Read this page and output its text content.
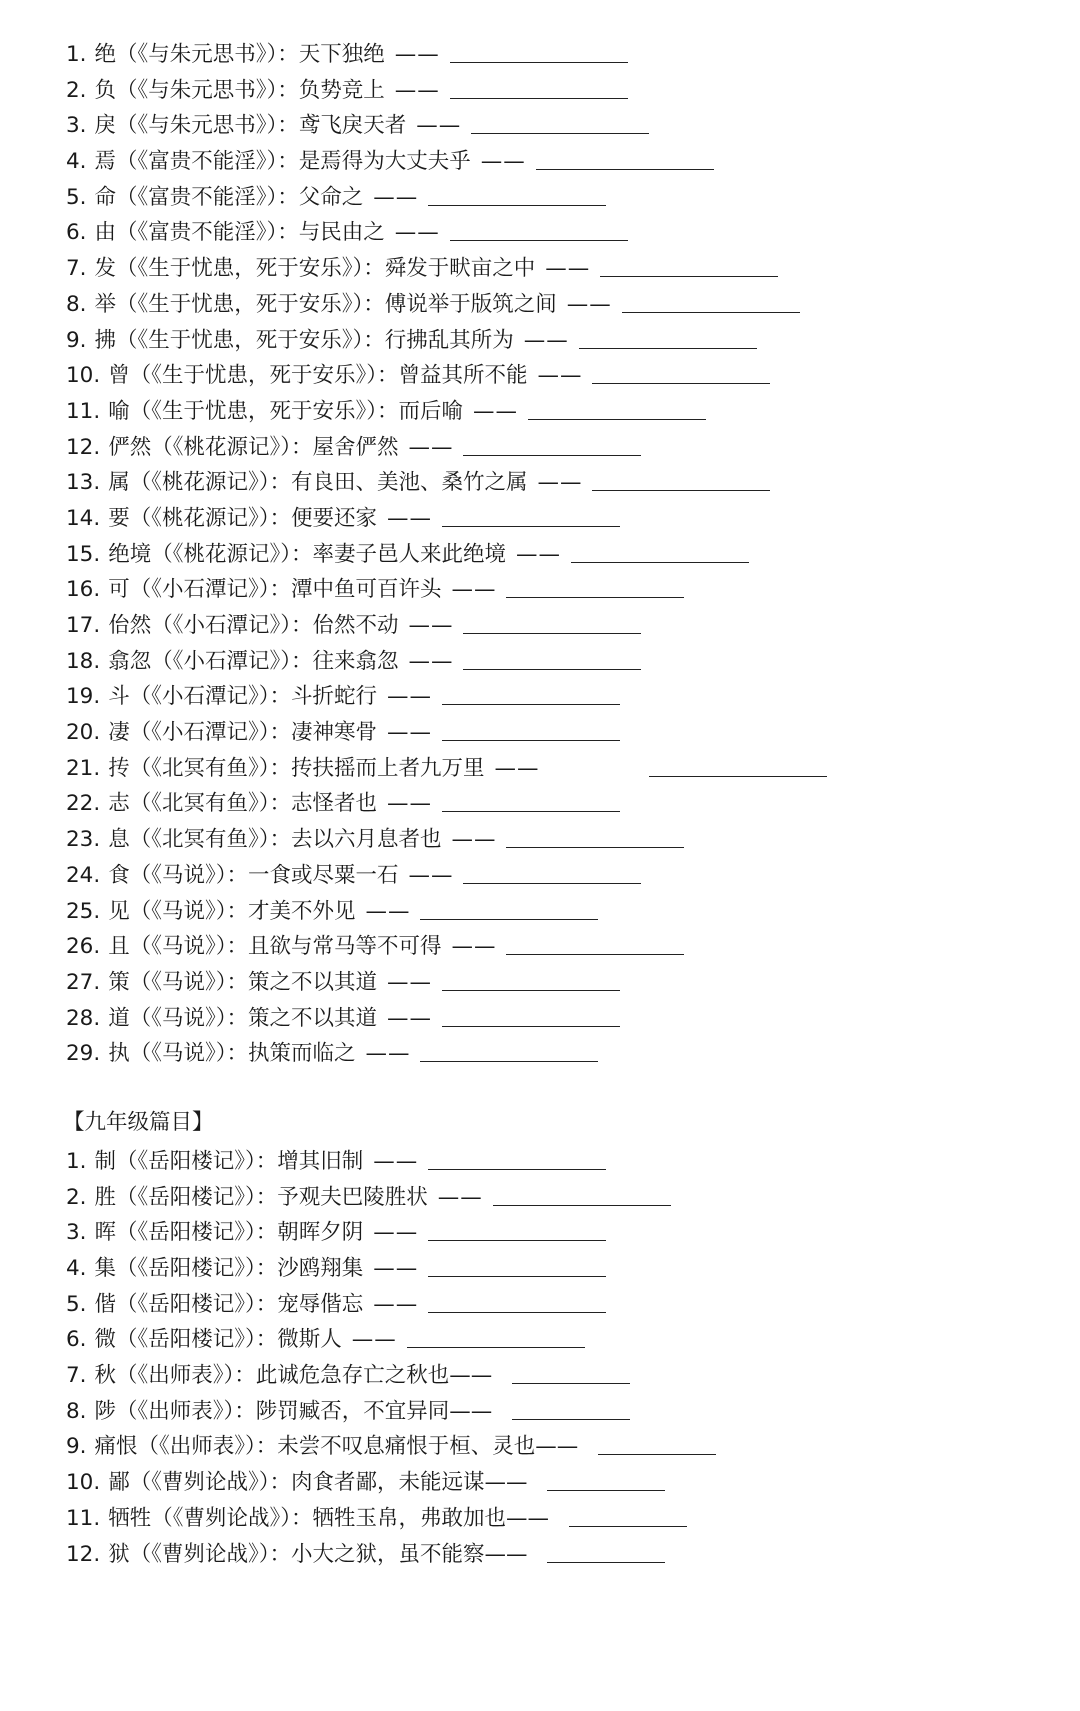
1. 绝（《与朱元思书》）：天下独绝 ——
2. 负（《与朱元思书》）：负势竞上 ——
3. 戾（《与朱元思书》）：鸢飞戾天者 ——
4. 焉（《富贵不能淫》）：是焉得为大丈夫乎 ——
5. 命（《富贵不能淫》）：父命之 ——
6. 由（《富贵不能淫》）：与民由之 ——
7. 发（《生于忧患，死于安乐》）：舜发于畎亩之中 ——
8. 举（《生于忧患，死于安乐》）：傅说举于版筑之间 ——
9. 拂（《生于忧患，死于安乐》）：行拂乱其所为 ——
10. 曾（《生于忧患，死于安乐》）：曾益其所不能 ——
11. 喻（《生于忧患，死于安乐》）：而后喻 ——
12. 俨然（《桃花源记》）：屋舍俨然 ——
13. 属（《桃花源记》）：有良田、美池、桑竹之属 ——
14. 要（《桃花源记》）：便要还家 ——
15. 绝境（《桃花源记》）：率妻子邑人来此绝境 ——
16. 可（《小石潭记》）：潭中鱼可百许头 ——
17. 佁然（《小石潭记》）：佁然不动 ——
18. 翕忽（《小石潭记》）：往来翕忽 ——
19. 斗（《小石潭记》）：斗折蛇行 ——
20. 凄（《小石潭记》）：凄神寒骨 ——
21. 抟（《北冥有鱼》）：抟扶摇而上者九万里 ——
22. 志（《北冥有鱼》）：志怪者也 ——
23. 息（《北冥有鱼》）：去以六月息者也 ——
24. 食（《马说》）：一食或尽粟一石 ——
25. 见（《马说》）：才美不外见 ——
26. 且（《马说》）：且欲与常马等不可得 ——
27. 策（《马说》）：策之不以其道 ——
28. 道（《马说》）：策之不以其道 ——
29. 执（《马说》）：执策而临之 ——
【九年级篇目】
1. 制（《岳阳楼记》）：增其旧制 ——
2. 胜（《岳阳楼记》）：予观夫巴陵胜状 ——
3. 晖（《岳阳楼记》）：朝晖夕阴 ——
4. 集（《岳阳楼记》）：沙鸥翔集 ——
5. 偕（《岳阳楼记》）：宠辱偕忘 ——
6. 微（《岳阳楼记》）：微斯人 ——
7. 秋（《出师表》）：此诚危急存亡之秋也——
8. 陟（《出师表》）：陟罚臧否，不宜异同——
9. 痛恨（《出师表》）：未尝不叹息痛恨于桓、灵也——
10. 鄙（《曹刿论战》）：肉食者鄙，未能远谋——
11. 牺牲（《曹刿论战》）：牺牲玉帛，弗敢加也——
12. 狱（《曹刿论战》）：小大之狱，虽不能察——
